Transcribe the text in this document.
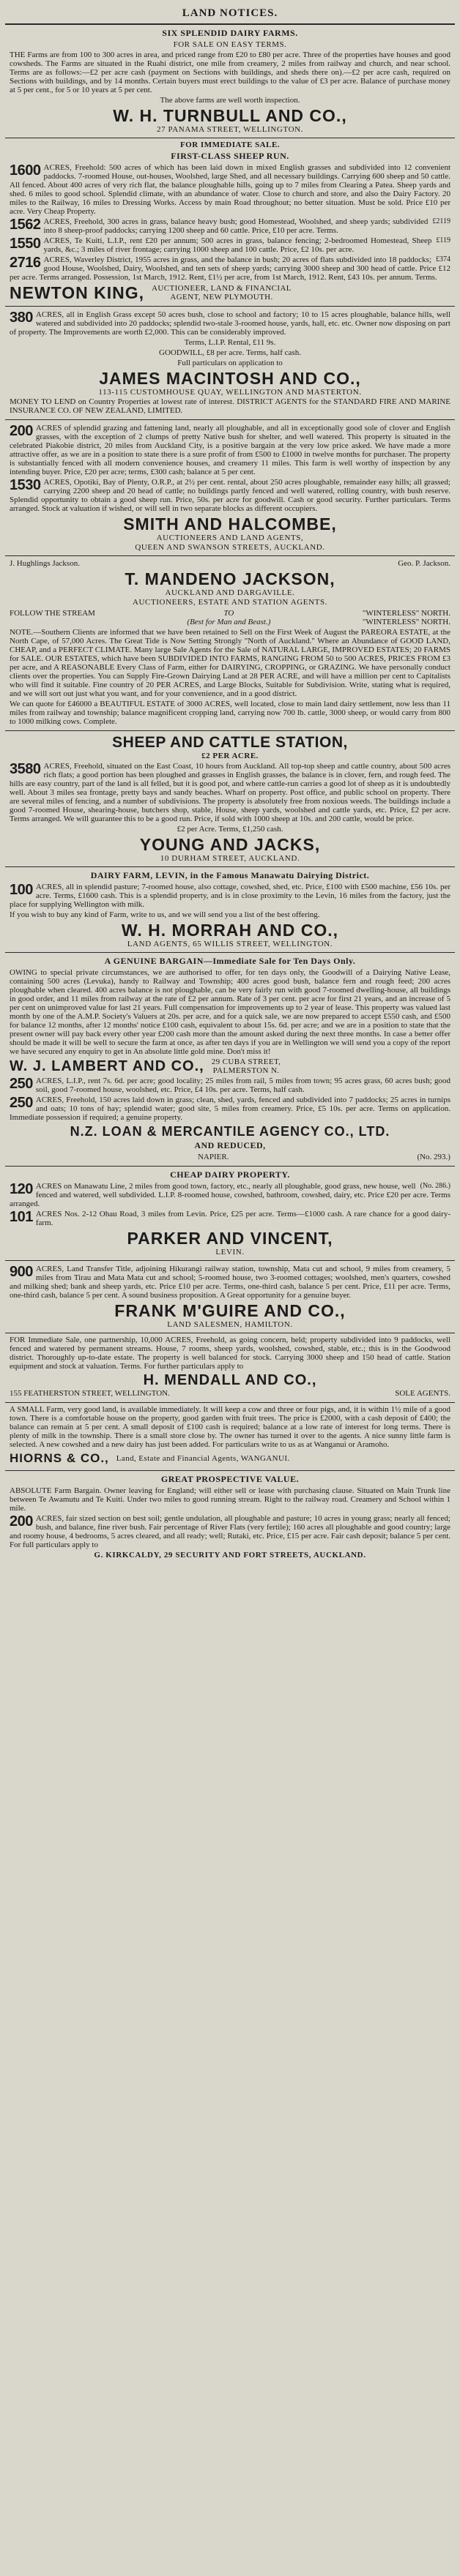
LAND NOTICES.
SIX SPLENDID DAIRY FARMS.
FOR SALE ON EASY TERMS.

THE Farms are from 100 to 300 acres in area, and priced range from £20 to £80 per acre. Three of the properties have houses and good cowsheds. The Farms are situated in the Ruahi district, one mile from creamery, 2 miles from railway and church, and near school. Terms are as follows:—£2 per acre cash (payment on Sections with buildings, and sheds there on).—£2 per acre cash, required on Sections with buildings, and by 14 months. Certain buyers must erect buildings to the value of £3 per acre. Balance of purchase money at 5 per cent., for 5 or 10 years at 5 per cent.

The above farms are well worth inspection.

W. H. TURNBULL AND CO.,
27 PANAMA STREET, WELLINGTON.
FOR IMMEDIATE SALE.
FIRST-CLASS SHEEP RUN.

1600 ACRES, Freehold: 500 acres of which has been laid down in mixed English grasses and subdivided into 12 convenient paddocks. 7-roomed House, out-houses, Woolshed, large Shed, and all necessary buildings. Carrying 600 sheep and 50 cattle. All fenced. About 400 acres of very rich flat, the balance ploughable hills, going up to 7 miles from Clearing a Patea. Sheep yards and shed. 6 miles to good school. Splendid climate, with an abundance of water. Close to church and store, and also the Dairy Factory. 20 miles to the Railway, 16 miles to Dressing Works. Access by main Road throughout; no better situation. Must be sold. Price £10 per acre. Very Cheap Property.

1562	£2119
ACRES, Freehold, 300 acres in grass, balance heavy bush; good Homestead, Woolshed, and sheep yards; subdivided into 8 sheep-proof paddocks; carrying 1200 sheep and 60 cattle. Price, £10 per acre. Terms.

1550	£119
ACRES, Te Kuiti, L.I.P., rent £20 per annum; 500 acres in grass, balance fencing; 2-bedroomed Homestead, Sheep yards, &c.; 3 miles of river frontage; carrying 1000 sheep and 100 cattle. Price, £2 10s. per acre.

2716	£374
ACRES, Waverley District, 1955 acres in grass, and the balance in bush; 20 acres of flats subdivided into 18 paddocks; good House, Woolshed, Dairy, Woolshed, and ten sets of sheep yards; carrying 3000 sheep and 300 head of cattle. Price £12 per acre. Terms arranged. Possession, 1st March, 1912. Rent, £1½ per acre, from 1st March, 1912. Rent, £43 10s. per annum. Terms.

NEWTON KING, AUCTIONEER, LAND & FINANCIAL
AGENT, NEW PLYMOUTH.

380 ACRES, all in English Grass except 50 acres bush, close to school and factory; 10 to 15 acres ploughable, balance hills, well watered and subdivided into 20 paddocks; splendid two-stale 3-roomed house, yards, hall, etc. etc. Owner now disposing on part of property. The Improvements are worth £2,000. This can be considerably improved.

Terms, L.I.P. Rental, £11 9s.
GOODWILL, £8 per acre. Terms, half cash.
Full particulars on application to
JAMES MACINTOSH AND CO.,
113-115 CUSTOMHOUSE QUAY, WELLINGTON AND MASTERTON.

MONEY TO LEND on Country Properties at lowest rate of interest. DISTRICT AGENTS for the STANDARD FIRE AND MARINE INSURANCE CO. OF NEW ZEALAND, LIMITED.

200 ACRES of splendid grazing and fattening land, nearly all ploughable, and all in exceptionally good sole of clover and English grasses, with the exception of 2 clumps of pretty Native bush for shelter, and well watered. This property is situated in the celebrated Piakobie district, 20 miles from Auckland City, is a positive bargain at the very low price asked. We have made a more attractive offer, as we are in a position to state there is a sure profit of from £500 to £1000 in twelve months for purchaser. The property is substantially fenced with all modern convenience houses, and creamery 11 miles. This farm is well worthy of inspection by any intending buyer. Price, £20 per acre; terms, £300 cash; balance at 5 per cent.

1530 ACRES, Opotiki, Bay of Plenty, O.R.P., at 2½ per cent. rental, about 250 acres ploughable, remainder easy hills; all grassed; carrying 2200 sheep and 20 head of cattle; no buildings partly fenced and well watered, rolling country, with bush reserve. Splendid opportunity to obtain a good sheep run. Price, 50s. per acre for goodwill. Cash or good security. Further particulars. Terms arranged. Stock at valuation if wished, or will sell in two separate blocks as different occupiers.

SMITH AND HALCOMBE,
AUCTIONEERS AND LAND AGENTS,
QUEEN AND SWANSON STREETS, AUCKLAND.
J. Hughlings Jackson.	Geo. P. Jackson.
T. MANDENO JACKSON,
AUCKLAND AND DARGAVILLE.
AUCTIONEERS, ESTATE AND STATION AGENTS.
FOLLOW THE STREAM	TO
(Best for Man and Beast.)
"WINTERLESS" NORTH.
"WINTERLESS" NORTH.

NOTE.—Southern Clients are informed that we have been retained to Sell on the First Week of August the PAREORA ESTATE, at the North Cape, of 57,000 Acres. The Great Tide is Now Setting Strongly "North of Auckland." Where an Abundance of GOOD LAND, CHEAP, and a PERFECT CLIMATE. Many large Sale Agents for the Sale of NATURAL LARGE, IMPROVED ESTATES; 20 FARMS for SALE. OUR ESTATES, which have been SUBDIVIDED INTO FARMS, RANGING FROM 50 to 500 ACRES, PRICES FROM £3 per acre, and A REASONABLE Every Class of Farm, either for DAIRYING, CROPPING, or GRAZING. We have personally conduct clients over the properties. You can Supply Fire-Grown Dairying Land at 28 PER ACRE, and will have a million per cent to Capitalists who will find it suitable. Fine country of 20 PER ACRES, and Large Blocks, Suitable for Subdivision. Write, stating what is required, and we will sort out just what you want, and for your convenience, and in a good district.

We can quote for £46000 a BEAUTIFUL ESTATE of 3000 ACRES, well located, close to main land dairy settlement, now less than 11 miles from railway and township; balance magnificent cropping land, carrying now 700 lb. cattle, 3000 sheep, or would carry from 800 to 1000 milking cows. Complete.

SHEEP AND CATTLE STATION,
£2 PER ACRE.

3580 ACRES, Freehold, situated on the East Coast, 10 hours from Auckland. All top-top sheep and cattle country, about 500 acres rich flats; a good portion has been ploughed and grasses in English grasses, the balance is in clover, fern, and rough feed. The hills are easy country, part of the land is all felled, but it is good pot, and where cattle-run carries a good lot of sheep as it is undoubtedly well. About 3 miles sea frontage, pretty bays and sandy beaches. Wharf on property. Post office, and public school on property. There are several miles of fencing, and a number of subdivisions. The property is absolutely free from noxious weeds. The buildings include a good 7-roomed House, shearing-house, butchers shop, stable, House, sheep yards, woolshed and cattle yards, etc. Price, £2 per acre. Terms arranged. We will guarantee this to be a good run. Price, if sold with 1000 sheep at 10s. and 200 cattle, would be price.

£2 per Acre. Terms, £1,250 cash.
YOUNG AND JACKS,
10 DURHAM STREET, AUCKLAND.
DAIRY FARM, LEVIN, in the Famous Manawatu Dairying District.

100 ACRES, all in splendid pasture; 7-roomed house, also cottage, cowshed, shed, etc. Price, £100 with £500 machine, £56 10s. per acre. Terms, £1600 cash. This is a splendid property, and is in close proximity to the Levin, 16 miles from the factory, just the place for supplying Wellington with milk.

If you wish to buy any kind of Farm, write to us, and we will send you a list of the best offering.

W. H. MORRAH AND CO.,
LAND AGENTS, 65 WILLIS STREET, WELLINGTON.
A GENUINE BARGAIN—Immediate Sale for Ten Days Only.

OWING to special private circumstances, we are authorised to offer, for ten days only, the Goodwill of a Dairying Native Lease, containing 500 acres (Levuka), handy to Railway and Township; 400 acres good bush, balance fern and rough feed; 200 acres ploughable when cleared. 400 acres balance is not ploughable, can be very fairly run with good 7-roomed dwelling-house, all buildings in good order, and 11 miles from railway at the rate of £2 per annum. Rate of 3 per cent. per acre for first 21 years, and an increase of 5 per cent on unimproved value for last 21 years. Full compensation for improvements up to 2 year of lease. This property was valued last month by one of the A.M.P. Society's Valuers at 20s. per acre, and for a quick sale, we are now prepared to accept £550 cash, and £500 for balance 12 months, after 12 months' notice £100 cash, equivalent to about 15s. 6d. per acre; and we are in a position to state that the present owner will pay back every other year £200 cash more than the amount asked during the next three months. In case a better offer should be made it will be well to secure the farm at once, as after ten days if you are in Wellington we will send you a copy of the report we have secured any enquiry to get in An absolute little gold mine. Don't miss it!

W. J. LAMBERT AND CO., 29 CUBA STREET,
PALMERSTON N.

250 ACRES, L.I.P., rent 7s. 6d. per acre; good locality; 25 miles from rail, 5 miles from town; 95 acres grass, 60 acres bush; good soil, good 7-roomed house, woolshed, etc. Price, £4 10s. per acre. Terms, half cash.

250 ACRES, Freehold, 150 acres laid down in grass; clean, shed, yards, fenced and subdivided into 7 paddocks; 25 acres in turnips and oats; 10 tons of hay; splendid water; good site, 5 miles from creamery. Price, £5 10s. per acre. Terms on application. Immediate possession if required; a genuine property.

N.Z. LOAN & MERCANTILE AGENCY CO., LTD.
AND REDUCED,
NAPIER.	(No. 293.)
CHEAP DAIRY PROPERTY.

120	(No. 286.)
ACRES on Manawatu Line, 2 miles from good town, factory, etc., nearly all ploughable, good grass, new house, well fenced and watered, well subdivided. L.I.P. 8-roomed house, cowshed, bathroom, cowshed, dairy, etc. Price £20 per acre. Terms arranged.

101 ACRES Nos. 2-12 Ohau Road, 3 miles from Levin. Price, £25 per acre. Terms—£1000 cash. A rare chance for a good dairy-farm.

PARKER AND VINCENT,
LEVIN.

900 ACRES, Land Transfer Title, adjoining Hikurangi railway station, township, Mata cut and school, 9 miles from creamery, 5 miles from Tirau and Mata Mata cut and school; 5-roomed house, two 3-roomed cottages; woolshed, men's quarters, cowshed and milking shed; bank and sheep yards, etc. Price £10 per acre. Terms, one-third cash, balance 5 per cent. Price, £11 per acre. Terms, one-third cash, balance 5 per cent. A sound business proposition. A Great opportunity for a genuine buyer.

FRANK M'GUIRE AND CO.,
LAND SALESMEN, HAMILTON.

FOR Immediate Sale, one partnership, 10,000 ACRES, Freehold, as going concern, held; property subdivided into 9 paddocks, well fenced and watered by permanent streams. House, 7 rooms, sheep yards, woolshed, cowshed, stable, etc.; this is in the Goodwood district. Thoroughly up-to-date estate. The property is well balanced for stock. Carrying 3000 sheep and 150 head of cattle. Station equipment and stock at valuation. Terms. For further particulars apply to

H. MENDALL AND CO.,
155 FEATHERSTON STREET, WELLINGTON.	SOLE AGENTS.

A SMALL Farm, very good land, is available immediately. It will keep a cow and three or four pigs, and, it is within 1½ mile of a good town. There is a comfortable house on the property, good garden with fruit trees. The price is £2000, with a cash deposit of £400; the balance can remain at 5 per cent. A small deposit of £100 cash is required; balance at a low rate of interest for long terms. There is plenty of milk in the township. There is a small store close by. The owner has turned it over to the agents. A nice sunny little farm is selected. A new cowshed and a new dairy has just been added. For particulars write to us as at Wanganui or Aramoho.

HIORNS & CO., Land, Estate and Financial Agents, WANGANUI.
GREAT PROSPECTIVE VALUE.

ABSOLUTE Farm Bargain. Owner leaving for England; will either sell or lease with purchasing clause. Situated on Main Trunk line between Te Awamutu and Te Kuiti. Under two miles to good running stream. Right to the railway road. Creamery and School within 1 mile.

200 ACRES, fair sized section on best soil; gentle undulation, all ploughable and pasture; 10 acres in young grass; nearly all fenced; bush, and balance, fine river bush. Fair percentage of River Flats (very fertile); 160 acres all ploughable and good country; large and roomy house, 4 bedrooms, 5 acres cleared, and all ready; well; Rutaki, etc. Price, £15 per acre. Fair cash deposit; balance 5 per cent. For full particulars apply to

G. KIRKCALDY, 29 SECURITY AND FORT STREETS, AUCKLAND.
